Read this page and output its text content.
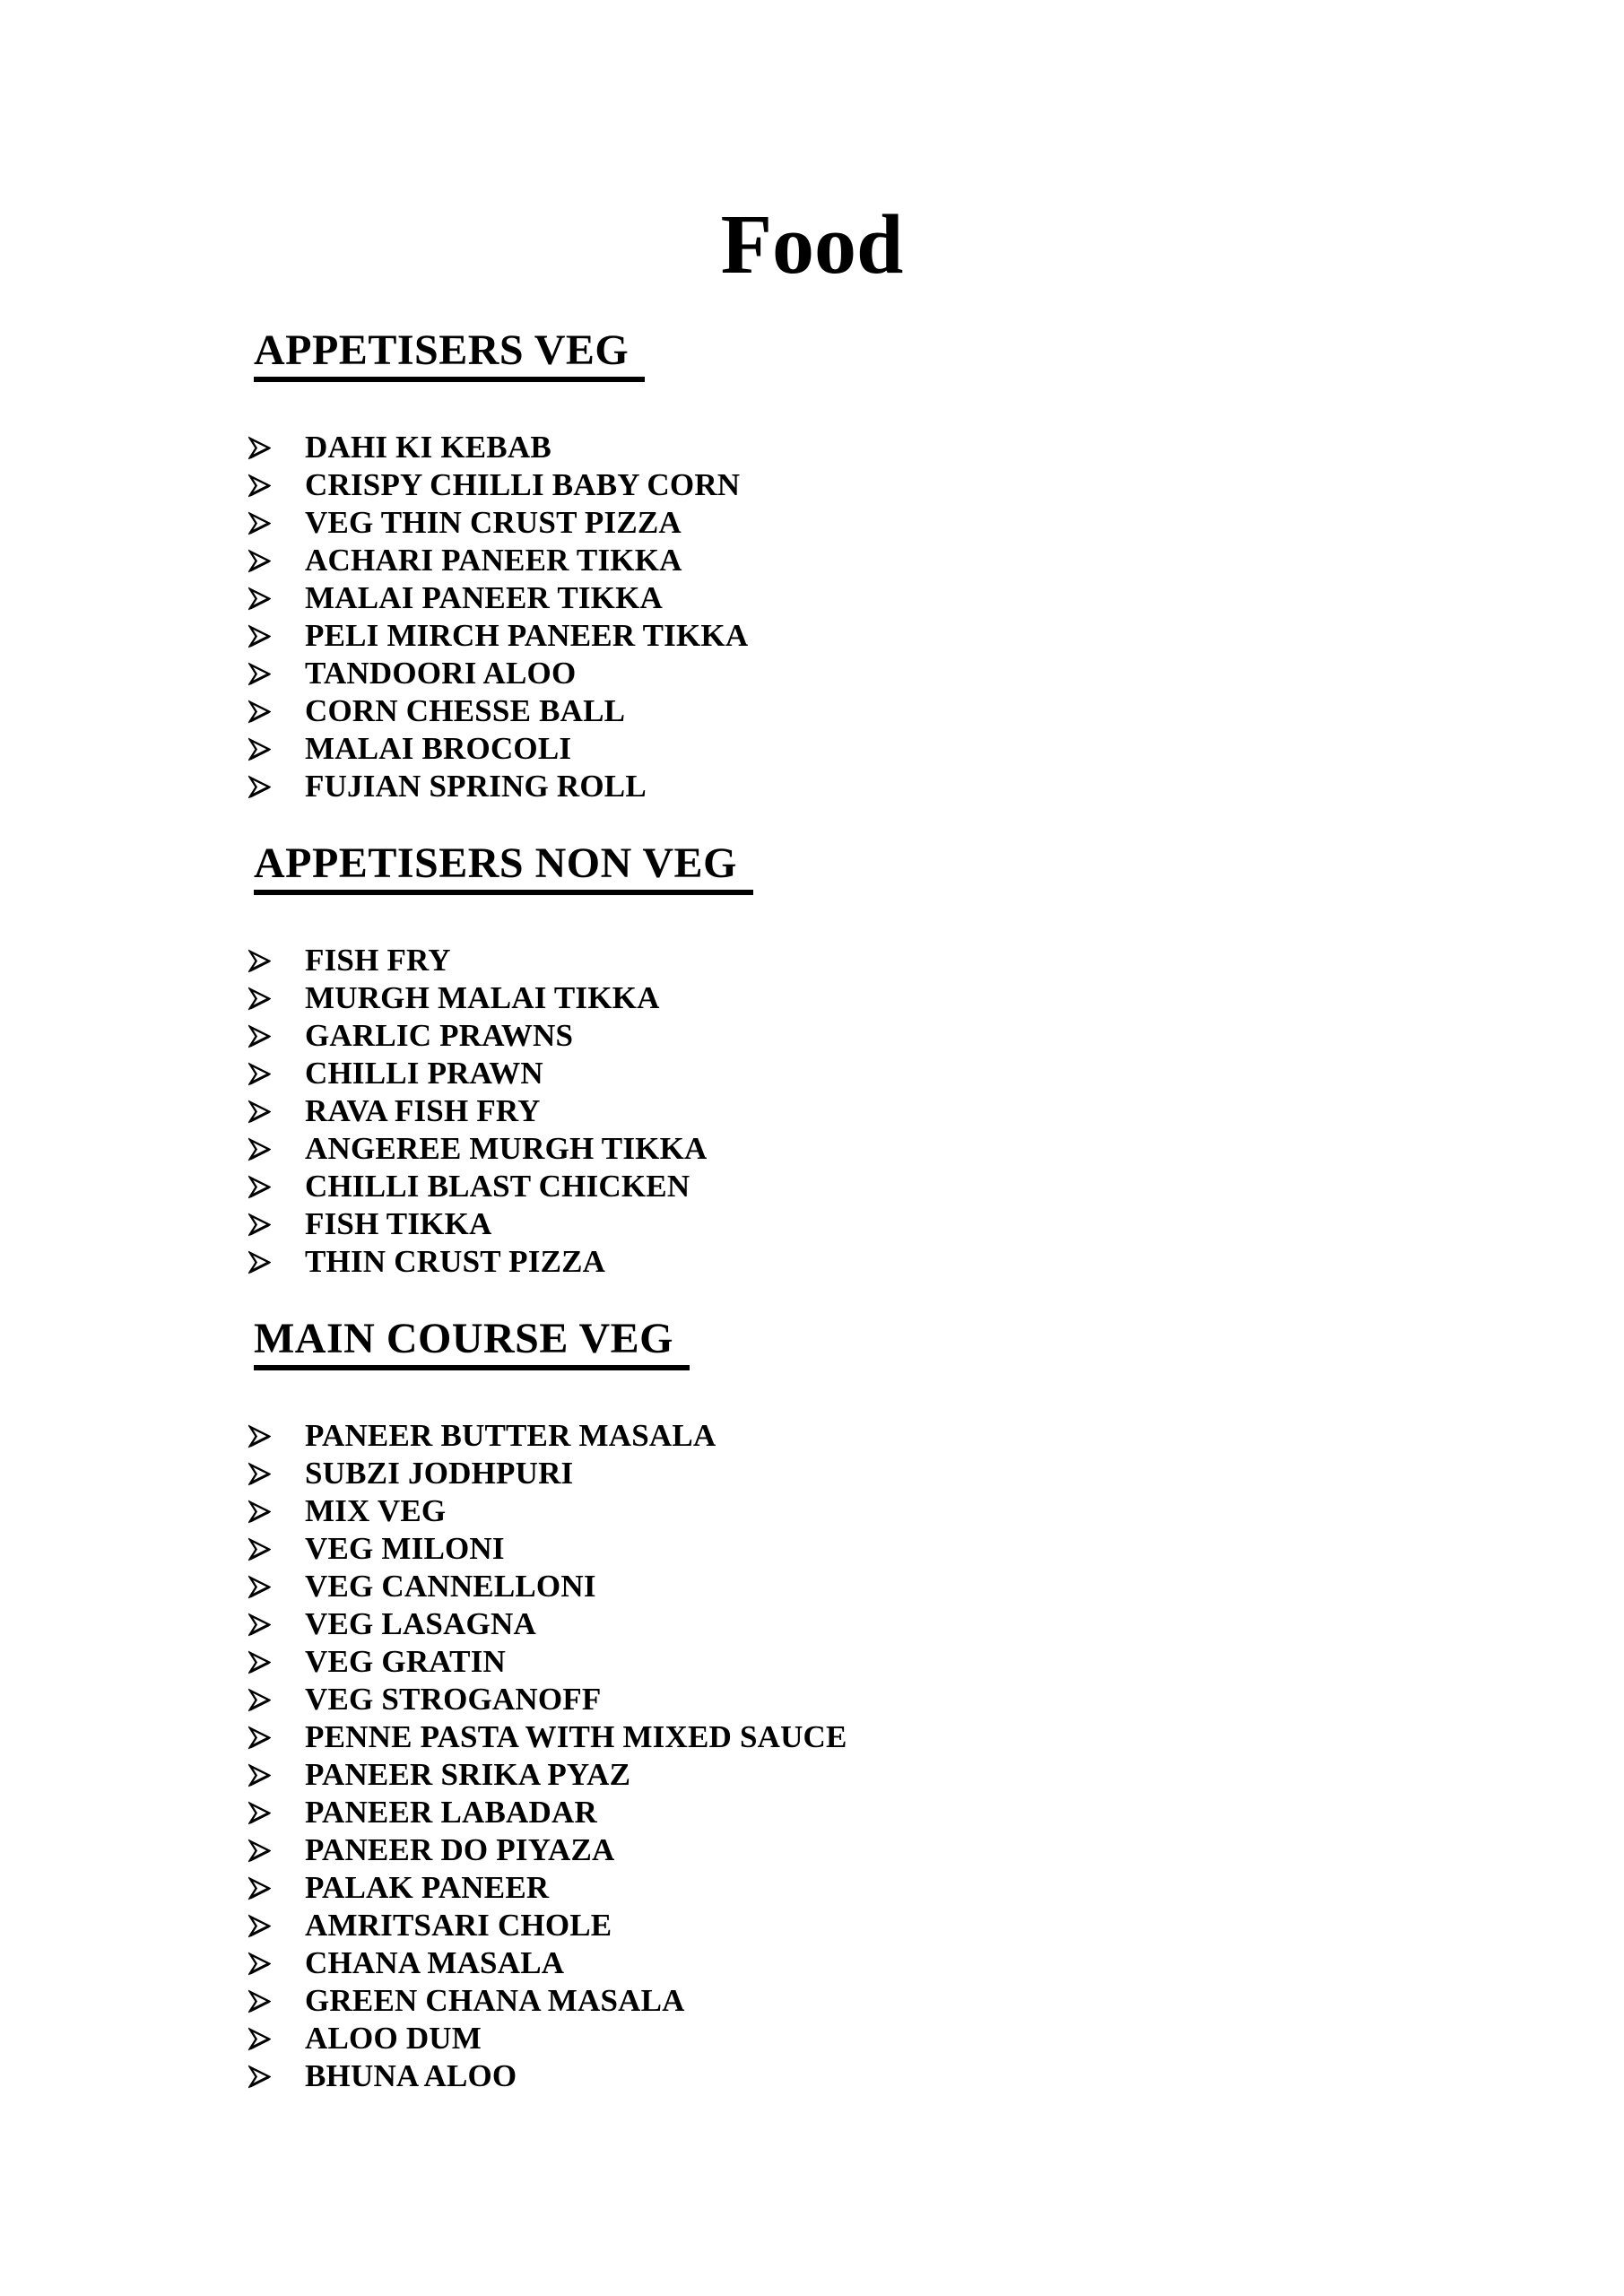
Food
APPETISERS VEG
DAHI KI KEBAB
CRISPY CHILLI BABY CORN
VEG THIN CRUST PIZZA
ACHARI PANEER TIKKA
MALAI PANEER TIKKA
PELI MIRCH PANEER TIKKA
TANDOORI ALOO
CORN CHESSE BALL
MALAI BROCOLI
FUJIAN SPRING ROLL
APPETISERS NON VEG
FISH FRY
MURGH MALAI TIKKA
GARLIC PRAWNS
CHILLI PRAWN
RAVA FISH FRY
ANGEREE MURGH TIKKA
CHILLI BLAST CHICKEN
FISH TIKKA
THIN CRUST PIZZA
MAIN COURSE VEG
PANEER BUTTER MASALA
SUBZI JODHPURI
MIX VEG
VEG MILONI
VEG CANNELLONI
VEG LASAGNA
VEG GRATIN
VEG STROGANOFF
PENNE PASTA WITH MIXED SAUCE
PANEER SRIKA PYAZ
PANEER LABADAR
PANEER DO PIYAZA
PALAK PANEER
AMRITSARI CHOLE
CHANA MASALA
GREEN CHANA MASALA
ALOO DUM
BHUNA ALOO
